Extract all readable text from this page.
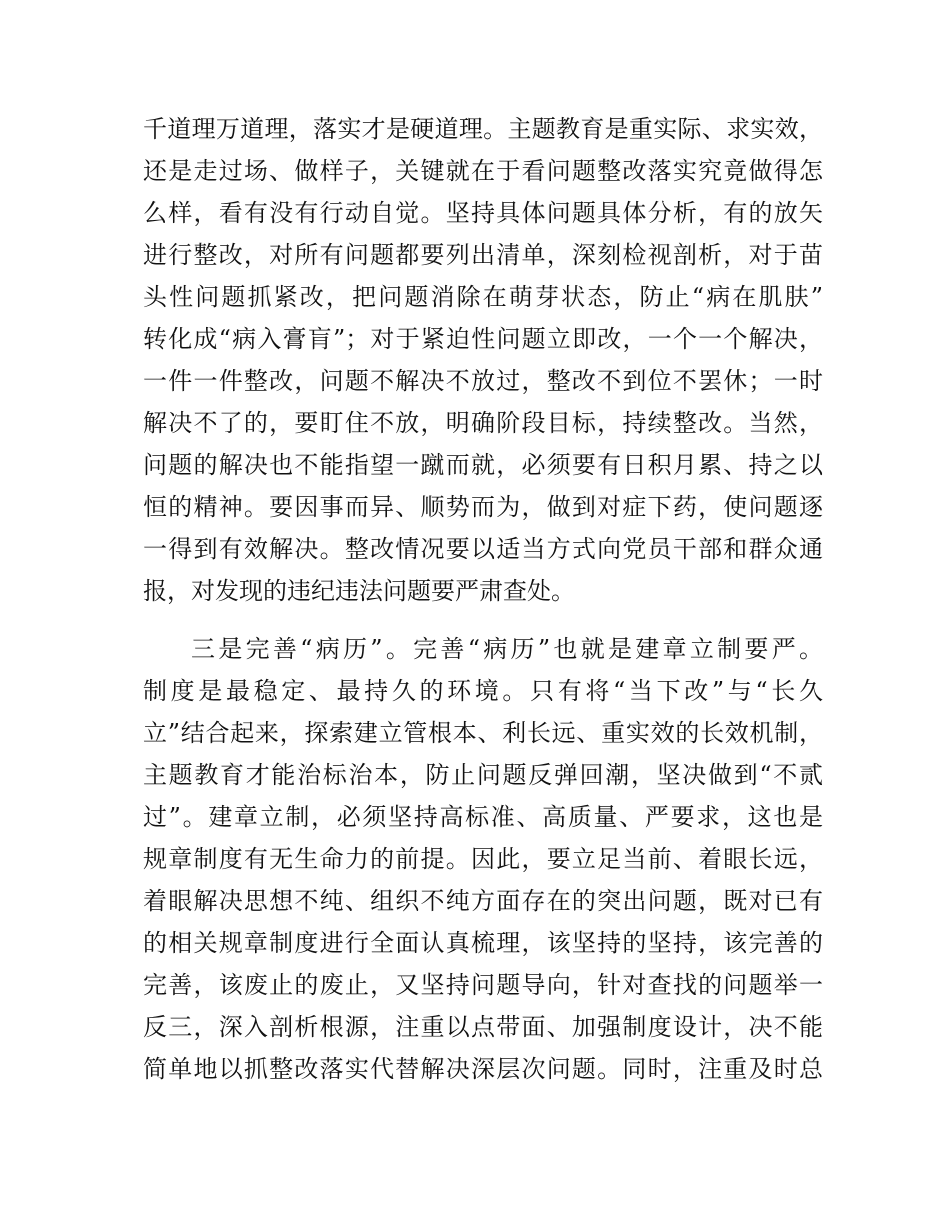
千道理万道理，落实才是硬道理。主题教育是重实际、求实效，
还是走过场、做样子，关键就在于看问题整改落实究竟做得怎
么样，看有没有行动自觉。坚持具体问题具体分析，有的放矢
进行整改，对所有问题都要列出清单，深刻检视剖析，对于苗
头性问题抓紧改，把问题消除在萌芽状态，防止“病在肌肤”
转化成“病入膏肓”；对于紧迫性问题立即改，一个一个解决，
一件一件整改，问题不解决不放过，整改不到位不罢休；一时
解决不了的，要盯住不放，明确阶段目标，持续整改。当然，
问题的解决也不能指望一蹴而就，必须要有日积月累、持之以
恒的精神。要因事而异、顺势而为，做到对症下药，使问题逐
一得到有效解决。整改情况要以适当方式向党员干部和群众通
报，对发现的违纪违法问题要严肃查处。
三是完善“病历”。完善“病历”也就是建章立制要严。
制度是最稳定、最持久的环境。只有将“当下改”与“长久
立”结合起来，探索建立管根本、利长远、重实效的长效机制，
主题教育才能治标治本，防止问题反弹回潮，坚决做到“不贰
过”。建章立制，必须坚持高标准、高质量、严要求，这也是
规章制度有无生命力的前提。因此，要立足当前、着眼长远，
着眼解决思想不纯、组织不纯方面存在的突出问题，既对已有
的相关规章制度进行全面认真梳理，该坚持的坚持，该完善的
完善，该废止的废止，又坚持问题导向，针对查找的问题举一
反三，深入剖析根源，注重以点带面、加强制度设计，决不能
简单地以抓整改落实代替解决深层次问题。同时，注重及时总
